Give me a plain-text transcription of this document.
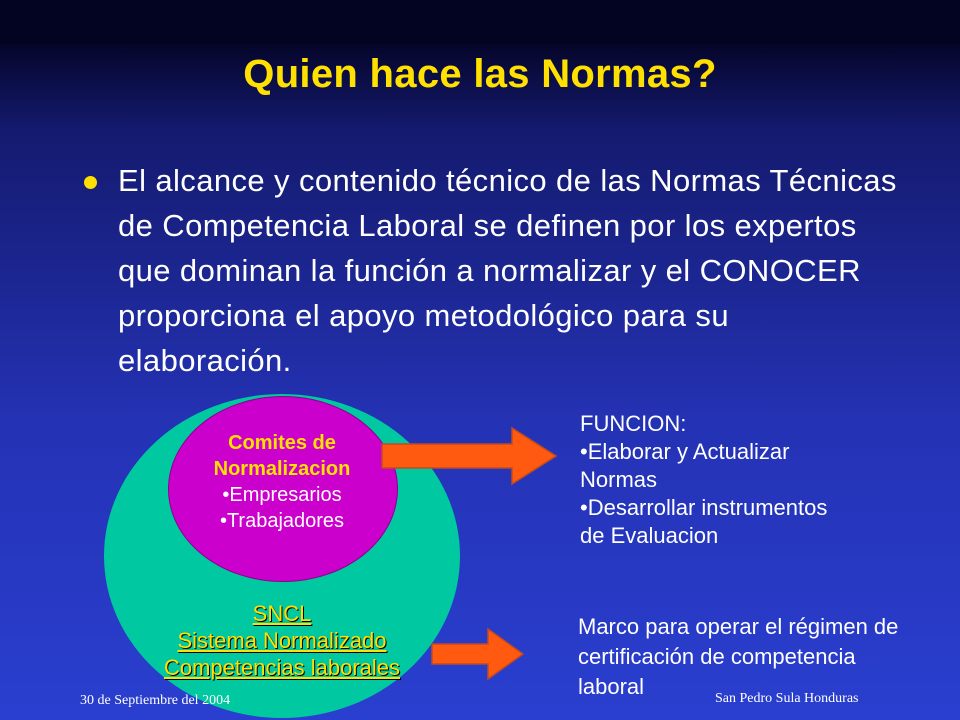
Quien hace las Normas?
El alcance y contenido técnico de las Normas Técnicas de Competencia Laboral se definen por los expertos que dominan la función a normalizar y el CONOCER proporciona el apoyo metodológico para su elaboración.
Comites de
Normalizacion
•Empresarios
•Trabajadores
SNCL
Sistema Normalizado
Competencias laborales
FUNCION:
•Elaborar y Actualizar
Normas
•Desarrollar instrumentos
de Evaluacion
Marco para operar el régimen de certificación de competencia laboral
30 de Septiembre del 2004	San Pedro Sula Honduras
